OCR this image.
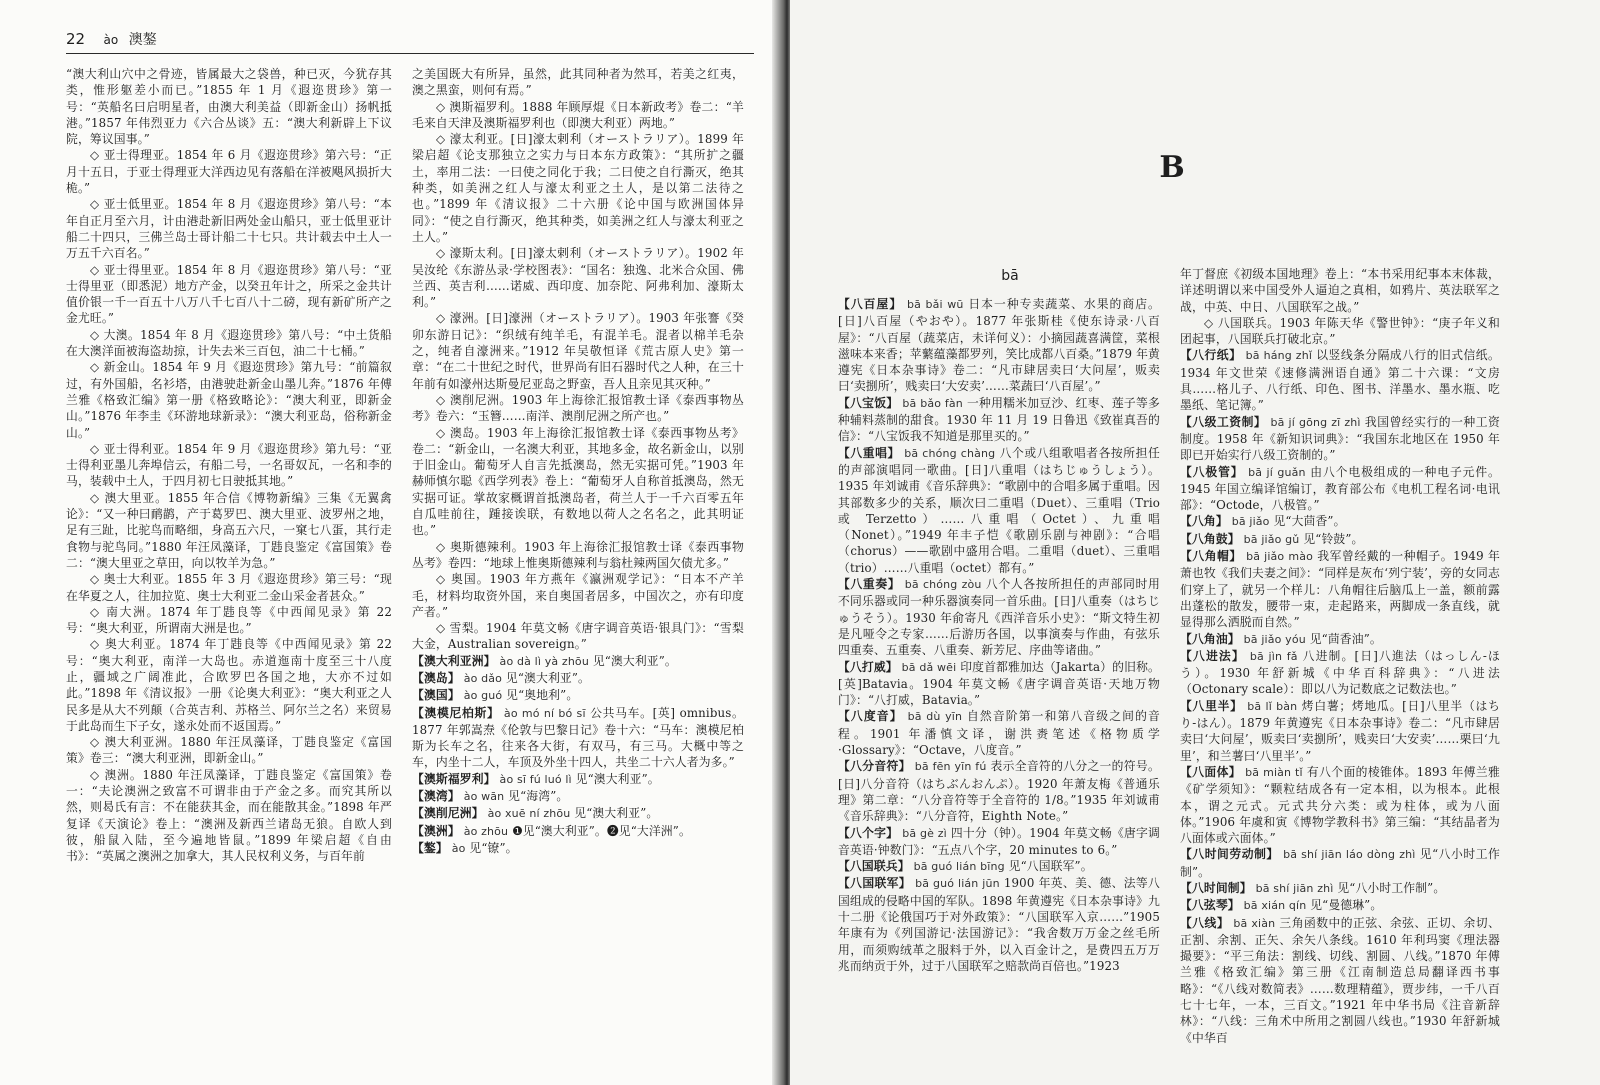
22 ào 澳鏊

“澳大利山穴中之骨迹，皆属最大之袋兽，种已灭，今犹存其类，惟形躯差小而已。”1855 年 1 月《遐迩贯珍》第一号：“英船名曰启明星者，由澳大利美益（即新金山）扬帆抵港。”1857 年伟烈亚力《六合丛谈》五：“澳大利新辟上下议院，筹议国事。”

◇ 亚士得理亚。1854 年 6 月《遐迩贯珍》第六号：“正月十五日，于亚士得理亚大洋西边见有落船在洋被飓风损折大桅。”

◇ 亚士低里亚。1854 年 8 月《遐迩贯珍》第八号：“本年自正月至六月，计由港赴新旧两处金山船只，亚士低里亚计船二十四只，三佛兰岛士哥计船二十七只。共计载去中土人一万五千六百名。”

◇ 亚士得里亚。1854 年 8 月《遐迩贯珍》第八号：“亚士得里亚（即悉泥）地方产金，以癸丑年计之，所采之金共计值价银一千一百五十八万八千七百八十二磅，现有新矿所产之金尤旺。”

◇ 大澳。1854 年 8 月《遐迩贯珍》第八号：“中土货船在大澳洋面被海盗劫掠，计失去米三百包，油二十七桶。”

◇ 新金山。1854 年 9 月《遐迩贯珍》第九号：“前篇叙过，有外国船，名衫塔，由港驶赴新金山墨儿奔。”1876 年傅兰雅《格致汇编》第一册《格致略论》：“澳大利亚，即新金山。”1876 年李圭《环游地球新录》：“澳大利亚岛，俗称新金山。”

◇ 亚士得利亚。1854 年 9 月《遐迩贯珍》第九号：“亚士得利亚墨儿奔埠信云，有船二号，一名哥奴瓦，一名和李的马，装载中土人，于四月初七日驶抵其地。”

◇ 澳大里亚。1855 年合信《博物新编》三集《无翼禽论》：“又一种曰鸸鹋，产于葛罗巴、澳大里亚、波罗州之地，足有三趾，比驼鸟而略细，身高五六尺，一窠七八蛋，其行走食物与驼鸟同。”1880 年汪凤藻译，丁韪良鉴定《富国策》卷二：“澳大里亚之草田，向以牧羊为急。”

◇ 奥士大利亚。1855 年 3 月《遐迩贯珍》第三号：“现在华夏之人，往加拉览、奥士大利亚二金山采金者甚众。”

◇ 南大洲。1874 年丁韪良等《中西闻见录》第 22 号：“奥大利亚，所谓南大洲是也。”

◇ 奥大利亚。1874 年丁韪良等《中西闻见录》第 22 号：“奥大利亚，南洋一大岛也。赤道迤南十度至三十八度止，疆域之广阔准此，合欧罗巴各国之地，大亦不过如此。”1898 年《清议报》一册《论奥大利亚》：“奥大利亚之人民多是从大不列颠（合英吉利、苏格兰、阿尔兰之名）来贸易于此岛而生下子女，遂永处而不返国焉。”

◇ 澳大利亚洲。1880 年汪凤藻译，丁韪良鉴定《富国策》卷三：“澳大利亚洲，即新金山。”

◇ 澳洲。1880 年汪凤藻译，丁韪良鉴定《富国策》卷一：“夫论澳洲之致富不可谓非由于产金之多。而究其所以然，则曷氏有言：不在能获其金，而在能散其金。”1898 年严复译《天演论》卷上：“澳洲及新西兰诸岛无狼。自欧人到彼，船鼠入陆，至今遍地皆鼠。”1899 年梁启超《自由书》：“英属之澳洲之加拿大，其人民权利义务，与百年前

之美国既大有所异，虽然，此其同种者为然耳，若美之红夷，澳之黑蛮，则何有焉。”

◇ 澳斯福罗利。1888 年顾厚焜《日本新政考》卷二：“羊毛来自天津及澳斯福罗利也（即澳大利亚）两地。”

◇ 濠太利亚。[日]濠太剌利（オーストラリア）。1899 年梁启超《论支那独立之实力与日本东方政策》：“其所扩之疆土，率用二法：一曰使之同化于我；二曰使之自行澌灭，绝其种类，如美洲之红人与濠太利亚之土人，是以第二法待之也。”1899 年《清议报》二十六册《论中国与欧洲国体异同》：“使之自行澌灭，绝其种类，如美洲之红人与濠太利亚之土人。”

◇ 濠斯太利。[日]濠太剌利（オーストラリア）。1902 年吴汝纶《东游丛录·学校图表》：“国名：独逸、北米合众国、佛兰西、英吉利……诺威、西印度、加奈陀、阿弗利加、濠斯太利。”

◇ 濠洲。[日]濠洲（オーストラリア）。1903 年张謇《癸卯东游日记》：“织绒有纯羊毛，有混羊毛。混者以棉羊毛杂之，纯者自濠洲来。”1912 年吴敬恒译《荒古原人史》第一章：“在二十世纪之时代，世界尚有旧石器时代之人种，在三十年前有如濠州达斯曼尼亚岛之野蛮，吾人且亲见其灭种。”

◇ 澳削尼洲。1903 年上海徐汇报馆教士译《泰西事物丛考》卷六：“玉簪……南洋、澳削尼洲之所产也。”

◇ 澳岛。1903 年上海徐汇报馆教士译《泰西事物丛考》卷二：“新金山，一名澳大利亚，其地多金，故名新金山，以别于旧金山。葡萄牙人自言先抵澳岛，然无实据可凭。”1903 年赫师慎尔聪《西学列表》卷上：“葡萄牙人自称首抵澳岛，然无实据可证。掌故家概谓首抵澳岛者，荷兰人于一千六百零五年自瓜哇前往，踵接诶联，有数地以荷人之名名之，此其明证也。”

◇ 奥斯德辣利。1903 年上海徐汇报馆教士译《泰西事物丛考》卷四：“地球上惟奥斯德辣利与翁杜辣两国欠债尤多。”

◇ 奥国。1903 年方燕年《瀛洲观学记》：“日本不产羊毛，材料均取资外国，来自奥国者居多，中国次之，亦有印度产者。”

◇ 雪梨。1904 年莫文畅《唐字调音英语·银具门》：“雪梨大金，Australian sovereign。”

【澳大利亚洲】 ào dà lì yà zhōu 见“澳大利亚”。

【澳岛】 ào dǎo 见“澳大利亚”。

【澳国】 ào guó 见“奥地利”。

【澳模尼柏斯】 ào mó ní bó sī 公共马车。[英] omnibus。1877 年郭嵩焘《伦敦与巴黎日记》卷十六：“马车：澳模尼柏斯为长车之名，往来各大街，有双马，有三马。大概中等之车，内坐十二人，车顶及外坐十四人，共坐二十六人者为多。”

【澳斯福罗利】 ào sī fú luó lì 见“澳大利亚”。

【澳湾】 ào wān 见“海湾”。

【澳削尼洲】 ào xuē ní zhōu 见“澳大利亚”。

【澳洲】 ào zhōu ❶见“澳大利亚”。❷见“大洋洲”。

【鏊】 ào 见“镣”。

B
bā

【八百屋】 bā bǎi wū 日本一种专卖蔬菜、水果的商店。[日]八百屋（やおや）。1877 年张斯桂《使东诗录·八百屋》：“八百屋（蔬菜店，未详何义）：小摘园蔬喜满筐，菜根滋味本来香；苹蘩蕴藻都罗列，笑比成都八百桑。”1879 年黄遵宪《日本杂事诗》卷二：“凡市肆居卖曰‘大问屋’，贩卖曰‘卖捌所’，贱卖曰‘大安卖’……菜蔬曰‘八百屋’。”

【八宝饭】 bā bǎo fàn 一种用糯米加豆沙、红枣、莲子等多种辅料蒸制的甜食。1930 年 11 月 19 日鲁迅《致崔真吾的信》：“八宝饭我不知道是那里买的。”

【八重唱】 bā chóng chàng 八个或八组歌唱者各按所担任的声部演唱同一歌曲。[日]八重唱（はちじゅうしょう）。1935 年刘诚甫《音乐辞典》：“歌剧中的合唱多属于重唱。因其部数多少的关系，顺次曰二重唱（Duet）、三重唱（Trio 或 Terzetto）……八重唱（Octet）、九重唱（Nonet）。”1949 年丰子恺《歌剧乐剧与神剧》：“合唱（chorus）——歌剧中盛用合唱。二重唱（duet）、三重唱（trio）……八重唱（octet）都有。”

【八重奏】 bā chóng zòu 八个人各按所担任的声部同时用不同乐器或同一种乐器演奏同一首乐曲。[日]八重奏（はちじゅうそう）。1930 年俞寄凡《西洋音乐小史》：“斯文特生初是凡哑令之专家……后游历各国，以事演奏与作曲，有弦乐四重奏、五重奏、八重奏、新芳尼、序曲等诸曲。”

【八打威】 bā dǎ wēi 印度首都雅加达（Jakarta）的旧称。[英]Batavia。1904 年莫文畅《唐字调音英语·天地万物门》：“八打威，Batavia。”

【八度音】 bā dù yīn 自然音阶第一和第八音级之间的音程。1901 年潘慎文译，谢洪赉笔述《格物质学·Glossary》：“Octave，八度音。”

【八分音符】 bā fēn yīn fú 表示全音符的八分之一的符号。[日]八分音符（はちぶんおんぷ）。1920 年萧友梅《普通乐理》第二章：“八分音符等于全音符的 1/8。”1935 年刘诚甫《音乐辞典》：“八分音符，Eighth Note。”

【八个字】 bā gè zì 四十分（钟）。1904 年莫文畅《唐字调音英语·钟数门》：“五点八个字，20 minutes to 6。”

【八国联兵】 bā guó lián bīng 见“八国联军”。

【八国联军】 bā guó lián jūn 1900 年英、美、德、法等八国组成的侵略中国的军队。1898 年黄遵宪《日本杂事诗》九十二册《论俄国巧于对外政策》：“八国联军入京……”1905 年康有为《列国游记·法国游记》：“我舍数万万金之丝毛所用，而须购绒革之服料于外，以入百金计之，是费四五万万兆而纳贡于外，过于八国联军之赔款尚百倍也。”1923

年丁督庶《初级本国地理》卷上：“本书采用纪事本末体裁，详述明谓以来中国受外人逼迫之真相，如鸦片、英法联军之战，中英、中日、八国联军之战。”

◇ 八国联兵。1903 年陈天华《警世钟》：“庚子年义和团起事，八国联兵打破北京。”

【八行纸】 bā háng zhǐ 以竖线条分隔成八行的旧式信纸。1934 年文世荣《速修满洲语自通》第二十六课：“文房具……格儿子、八行纸、印色、图书、洋墨水、墨水瓶、吃墨纸、笔记簿。”

【八级工资制】 bā jí gōng zī zhì 我国曾经实行的一种工资制度。1958 年《新知识词典》：“我国东北地区在 1950 年即已开始实行八级工资制的。”

【八极管】 bā jí guǎn 由八个电极组成的一种电子元件。1945 年国立编译馆编订，教育部公布《电机工程名词·电讯部》：“Octode，八极管。”

【八角】 bā jiǎo 见“大茴香”。

【八角鼓】 bā jiǎo gǔ 见“铃鼓”。

【八角帽】 bā jiǎo mào 我军曾经戴的一种帽子。1949 年萧也牧《我们夫妻之间》：“同样是灰布‘列宁装’，旁的女同志们穿上了，就另一个样儿：八角帽往后脑瓜上一盖，额前露出蓬松的散发，腰带一束，走起路来，两脚成一条直线，就显得那么洒脱而自然。”

【八角油】 bā jiǎo yóu 见“茴香油”。

【八进法】 bā jìn fǎ 八进制。[日]八進法（はっしん-ほう）。1930 年舒新城《中华百科辞典》：“八进法（Octonary scale）：即以八为记数底之记数法也。”

【八里半】 bā lǐ bàn 烤白薯；烤地瓜。[日]八里半（はちり-はん）。1879 年黄遵宪《日本杂事诗》卷二：“凡市肆居卖曰‘大问屋’，贩卖曰‘卖捌所’，贱卖曰‘大安卖’……栗曰‘九里’，和兰薯曰‘八里半’。”

【八面体】 bā miàn tǐ 有八个面的棱锥体。1893 年傅兰雅《矿学须知》：“颗粒结成各有一定本相，以为根本。此根本，谓之元式。元式共分六类：或为柱体，或为八面体。”1906 年虞和寅《博物学教科书》第三编：“其结晶者为八面体或六面体。”

【八时间劳动制】 bā shí jiān láo dòng zhì 见“八小时工作制”。

【八时间制】 bā shí jiān zhì 见“八小时工作制”。

【八弦琴】 bā xián qín 见“曼德琳”。

【八线】 bā xiàn 三角函数中的正弦、余弦、正切、余切、正割、余割、正矢、余矢八条线。1610 年利玛窦《理法器撮要》：“平三角法：割线、切线、割圆、八线。”1870 年傅兰雅《格致汇编》第三册《江南制造总局翻译西书事略》：“《八线对数简表》……数理精蕴》，贾步纬，一千八百七十七年，一本，三百文。”1921 年中华书局《注音新辞林》：“八线：三角术中所用之割圆八线也。”1930 年舒新城《中华百
